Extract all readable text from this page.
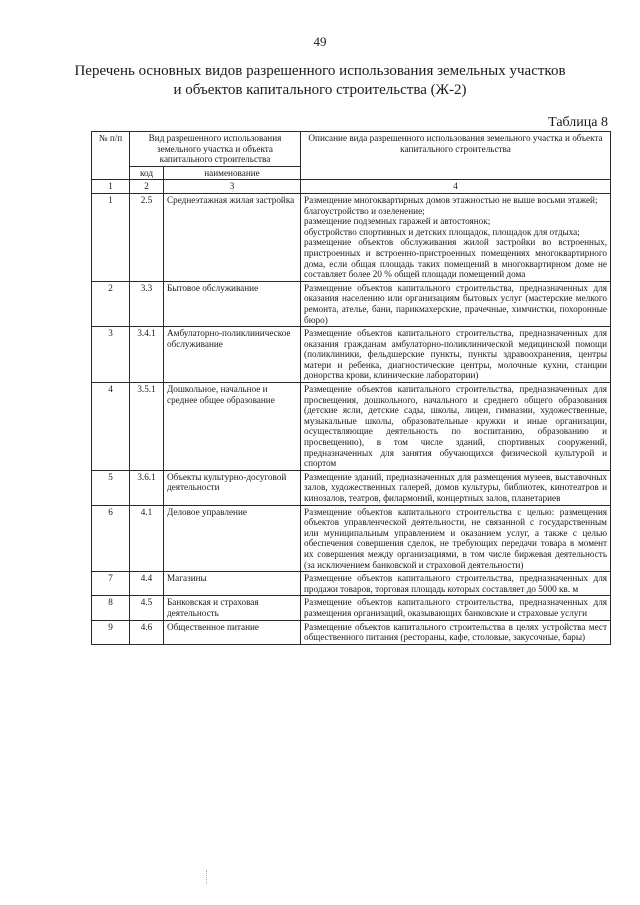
49
Перечень основных видов разрешенного использования земельных участков
и объектов капитального строительства (Ж-2)
Таблица 8
№ п/п	Вид разрешенного использования земельного участка и объекта капитального строительства		Описание вида разрешенного использования земельного участка и объекта капитального строительства
	код	наименование	
1	2	3	4
1	2.5	Среднеэтажная жилая застройка	Размещение многоквартирных домов этажностью не выше восьми этажей;
благоустройство и озеленение;
размещение подземных гаражей и автостоянок;
обустройство спортивных и детских площадок, площадок для отдыха;
размещение объектов обслуживания жилой застройки во встроенных, пристроенных и встроенно-пристроенных помещениях многоквартирного дома, если общая площадь таких помещений в многоквартирном доме не составляет более 20 % общей площади помещений дома

2	3.3	Бытовое обслуживание	Размещение объектов капитального строительства, предназначенных для оказания населению или организациям бытовых услуг (мастерские мелкого ремонта, ателье, бани, парикмахерские, прачечные, химчистки, похоронные бюро)
3	3.4.1	Амбулаторно-поликлиническое обслуживание	Размещение объектов капитального строительства, предназначенных для оказания гражданам амбулаторно-поликлинической медицинской помощи (поликлиники, фельдшерские пункты, пункты здравоохранения, центры матери и ребенка, диагностические центры, молочные кухни, станции донорства крови, клинические лаборатории)
4	3.5.1	Дошкольное, начальное и среднее общее образование	Размещение объектов капитального строительства, предназначенных для просвещения, дошкольного, начального и среднего общего образования (детские ясли, детские сады, школы, лицеи, гимназии, художественные, музыкальные школы, образовательные кружки и иные организации, осуществляющие деятельность по воспитанию, образованию и просвещению), в том числе зданий, спортивных сооружений, предназначенных для занятия обучающихся физической культурой и спортом
5	3.6.1	Объекты культурно-досуговой деятельности	Размещение зданий, предназначенных для размещения музеев, выставочных залов, художественных галерей, домов культуры, библиотек, кинотеатров и кинозалов, театров, филармоний, концертных залов, планетариев
6	4.1	Деловое управление	Размещение объектов капитального строительства с целью: размещения объектов управленческой деятельности, не связанной с государственным или муниципальным управлением и оказанием услуг, а также с целью обеспечения совершения сделок, не требующих передачи товара в момент их совершения между организациями, в том числе биржевая деятельность (за исключением банковской и страховой деятельности)
7	4.4	Магазины	Размещение объектов капитального строительства, предназначенных для продажи товаров, торговая площадь которых составляет до 5000 кв. м
8	4.5	Банковская и страховая деятельность	Размещение объектов капитального строительства, предназначенных для размещения организаций, оказывающих банковские и страховые услуги
9	4.6	Общественное питание	Размещение объектов капитального строительства в целях устройства мест общественного питания (рестораны, кафе, столовые, закусочные, бары)
